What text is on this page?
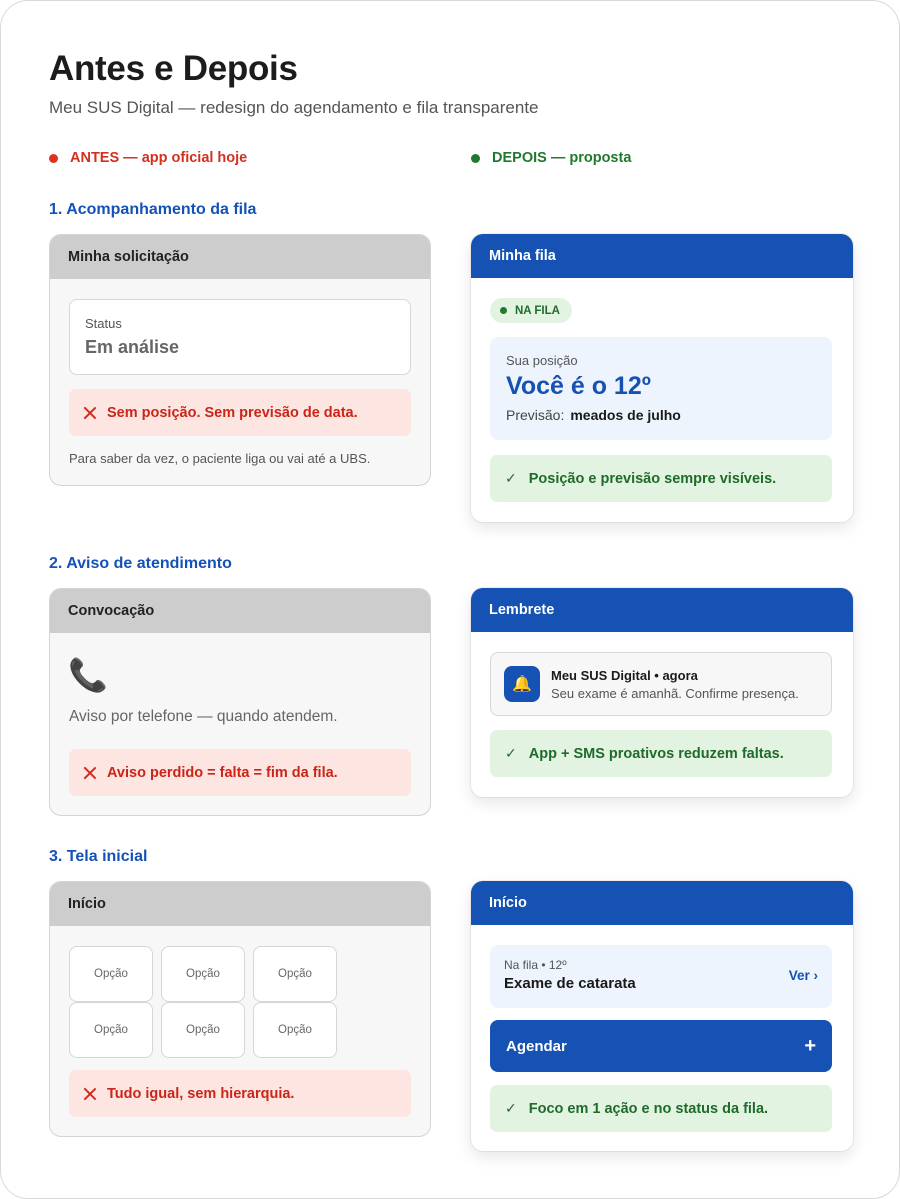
Antes e Depois
Meu SUS Digital — redesign do agendamento e fila transparente
ANTES — app oficial hoje	DEPOIS — proposta
1. Acompanhamento da fila
Minha solicitação
Status
Em análise
Sem posição. Sem previsão de data.
Para saber da vez, o paciente liga ou vai até a UBS.
Minha fila
NA FILA
Sua posição
Você é o 12º
Previsão: meados de julho
✓ Posição e previsão sempre visíveis.
2. Aviso de atendimento
Convocação
📞
Aviso por telefone — quando atendem.
Aviso perdido = falta = fim da fila.
Lembrete
🔔
Meu SUS Digital • agora
Seu exame é amanhã. Confirme presença.
✓ App + SMS proativos reduzem faltas.
3. Tela inicial
Início
Opção	Opção	Opção
Opção	Opção	Opção
Tudo igual, sem hierarquia.
Início
Na fila • 12º
Exame de catarata	Ver ›
Agendar	+
✓ Foco em 1 ação e no status da fila.
